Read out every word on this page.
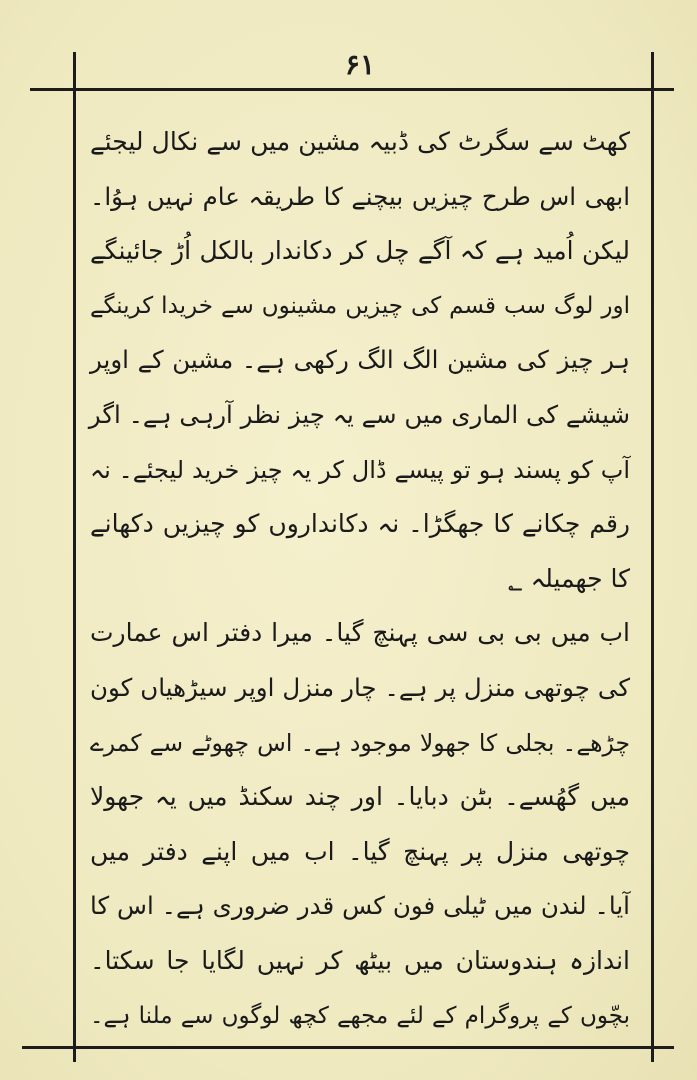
۶۱
کھٹ سے سگرٹ کی ڈبیہ مشین میں سے نکال لیجئے
ابھی اس طرح چیزیں بیچنے کا طریقہ عام نہیں ہوُا۔
لیکن اُمید ہے کہ آگے چل کر دکاندار بالکل اُڑ جائینگے
اور لوگ سب قسم کی چیزیں مشینوں سے خریدا کرینگے
ہر چیز کی مشین الگ الگ رکھی ہے۔ مشین کے اوپر
شیشے کی الماری میں سے یہ چیز نظر آرہی ہے۔ اگر
آپ کو پسند ہو تو پیسے ڈال کر یہ چیز خرید لیجئے۔ نہ
رقم چکانے کا جھگڑا۔ نہ دکانداروں کو چیزیں دکھانے
کا جھمیلہ ؂
اب میں بی بی سی پہنچ گیا۔ میرا دفتر اس عمارت
کی چوتھی منزل پر ہے۔ چار منزل اوپر سیڑھیاں کون
چڑھے۔ بجلی کا جھولا موجود ہے۔ اس چھوٹے سے کمرے
میں گھُسے۔ بٹن دبایا۔ اور چند سکنڈ میں یہ جھولا
چوتھی منزل پر پہنچ گیا۔ اب میں اپنے دفتر میں
آیا۔ لندن میں ٹیلی فون کس قدر ضروری ہے۔ اس کا
اندازہ ہندوستان میں بیٹھ کر نہیں لگایا جا سکتا۔
بچّوں کے پروگرام کے لئے مجھے کچھ لوگوں سے ملنا ہے۔
